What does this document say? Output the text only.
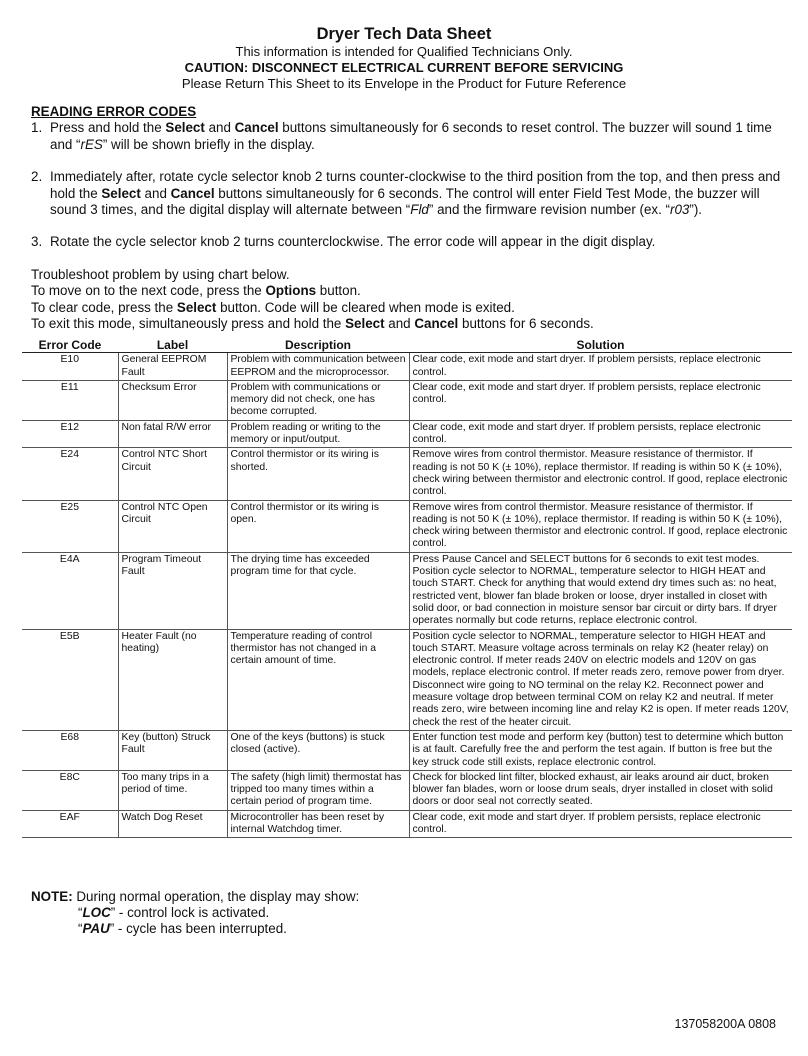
Dryer Tech Data Sheet
This information is intended for Qualified Technicians Only.
CAUTION: DISCONNECT ELECTRICAL CURRENT BEFORE SERVICING
Please Return This Sheet to its Envelope in the Product for Future Reference
READING ERROR CODES
1. Press and hold the Select and Cancel buttons simultaneously for 6 seconds to reset control. The buzzer will sound 1 time and “rES” will be shown briefly in the display.
2. Immediately after, rotate cycle selector knob 2 turns counter-clockwise to the third position from the top, and then press and hold the Select and Cancel buttons simultaneously for 6 seconds. The control will enter Field Test Mode, the buzzer will sound 3 times, and the digital display will alternate between “Fld” and the firmware revision number (ex. “r03”).
3. Rotate the cycle selector knob 2 turns counterclockwise. The error code will appear in the digit display.
Troubleshoot problem by using chart below.
To move on to the next code, press the Options button.
To clear code, press the Select button. Code will be cleared when mode is exited.
To exit this mode, simultaneously press and hold the Select and Cancel buttons for 6 seconds.
Error Code	Label	Description	Solution
E10	General EEPROM Fault	Problem with communication between EEPROM and the microprocessor.	Clear code, exit mode and start dryer. If problem persists, replace electronic control.
E11	Checksum Error	Problem with communications or memory did not check, one has become corrupted.	Clear code, exit mode and start dryer. If problem persists, replace electronic control.
E12	Non fatal R/W error	Problem reading or writing to the memory or input/output.	Clear code, exit mode and start dryer. If problem persists, replace electronic control.
E24	Control NTC Short Circuit	Control thermistor or its wiring is shorted.	Remove wires from control thermistor. Measure resistance of thermistor. If reading is not 50 K (± 10%), replace thermistor. If reading is within 50 K (± 10%), check wiring between thermistor and electronic control. If good, replace electronic control.
E25	Control NTC Open Circuit	Control thermistor or its wiring is open.	Remove wires from control thermistor. Measure resistance of thermistor. If reading is not 50 K (± 10%), replace thermistor. If reading is within 50 K (± 10%), check wiring between thermistor and electronic control. If good, replace electronic control.
E4A	Program Timeout Fault	The drying time has exceeded program time for that cycle.	Press Pause Cancel and SELECT buttons for 6 seconds to exit test modes. Position cycle selector to NORMAL, temperature selector to HIGH HEAT and touch START. Check for anything that would extend dry times such as: no heat, restricted vent, blower fan blade broken or loose, dryer installed in closet with solid door, or bad connection in moisture sensor bar circuit or dirty bars. If dryer operates normally but code returns, replace electronic control.
E5B	Heater Fault (no heating)	Temperature reading of control thermistor has not changed in a certain amount of time.	Position cycle selector to NORMAL, temperature selector to HIGH HEAT and touch START. Measure voltage across terminals on relay K2 (heater relay) on electronic control. If meter reads 240V on electric models and 120V on gas models, replace electronic control. If meter reads zero, remove power from dryer. Disconnect wire going to NO terminal on the relay K2. Reconnect power and measure voltage drop between terminal COM on relay K2 and neutral. If meter reads zero, wire between incoming line and relay K2 is open. If meter reads 120V, check the rest of the heater circuit.
E68	Key (button) Struck Fault	One of the keys (buttons) is stuck closed (active).	Enter function test mode and perform key (button) test to determine which button is at fault. Carefully free the and perform the test again. If button is free but the key struck code still exists, replace electronic control.
E8C	Too many trips in a period of time.	The safety (high limit) thermostat has tripped too many times within a certain period of program time.	Check for blocked lint filter, blocked exhaust, air leaks around air duct, broken blower fan blades, worn or loose drum seals, dryer installed in closet with solid doors or door seal not correctly seated.
EAF	Watch Dog Reset	Microcontroller has been reset by internal Watchdog timer.	Clear code, exit mode and start dryer. If problem persists, replace electronic control.
NOTE: During normal operation, the display may show:
“LOC” - control lock is activated.
“PAU” - cycle has been interrupted.
137058200A 0808
